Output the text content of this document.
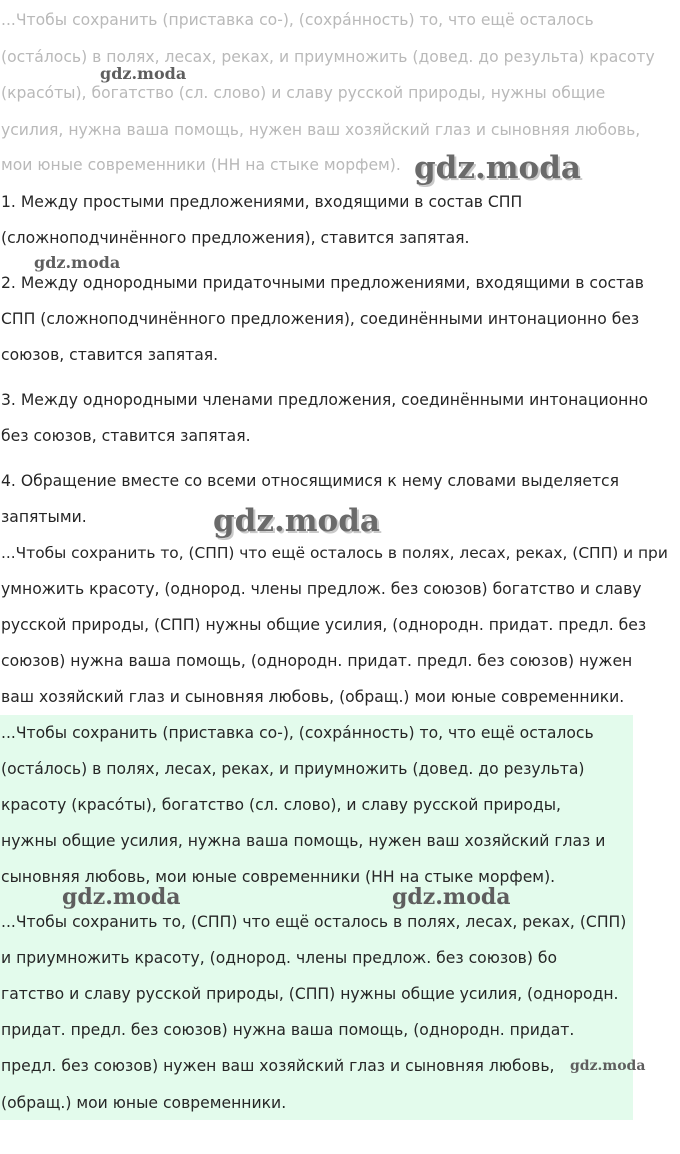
...Чтобы сохранить (приставка со-), (сохра́нность) то, что ещё осталось
(оста́лось) в полях, лесах, реках, и приумножить (довед. до результа) красоту
(красо́ты), богатство (сл. слово) и славу русской природы, нужны общие
усилия, нужна ваша помощь, нужен ваш хозяйский глаз и сыновняя любовь,
мои юные современники (НН на стыке морфем).
1. Между простыми предложениями, входящими в состав СПП
(сложноподчинённого предложения), ставится запятая.
2. Между однородными придаточными предложениями, входящими в состав
СПП (сложноподчинённого предложения), соединёнными интонационно без
союзов, ставится запятая.
3. Между однородными членами предложения, соединёнными интонационно
без союзов, ставится запятая.
4. Обращение вместе со всеми относящимися к нему словами выделяется
запятыми.
...Чтобы сохранить то, (СПП) что ещё осталось в полях, лесах, реках, (СПП) и при
умножить красоту, (однород. члены предлож. без союзов) богатство и славу
русской природы, (СПП) нужны общие усилия, (однородн. придат. предл. без
союзов) нужна ваша помощь, (однородн. придат. предл. без союзов) нужен
ваш хозяйский глаз и сыновняя любовь, (обращ.) мои юные современники.
...Чтобы сохранить (приставка со-), (сохра́нность) то, что ещё осталось
(оста́лось) в полях, лесах, реках, и приумножить (довед. до результа)
красоту (красо́ты), богатство (сл. слово), и славу русской природы,
нужны общие усилия, нужна ваша помощь, нужен ваш хозяйский глаз и
сыновняя любовь, мои юные современники (НН на стыке морфем).
...Чтобы сохранить то, (СПП) что ещё осталось в полях, лесах, реках, (СПП)
и приумножить красоту, (однород. члены предлож. без союзов) бо
гатство и славу русской природы, (СПП) нужны общие усилия, (однородн.
придат. предл. без союзов) нужна ваша помощь, (однородн. придат.
предл. без союзов) нужен ваш хозяйский глаз и сыновняя любовь,
(обращ.) мои юные современники.
gdz.moda
gdz.moda
gdz.moda
gdz.moda
gdz.moda	gdz.moda
gdz.moda
